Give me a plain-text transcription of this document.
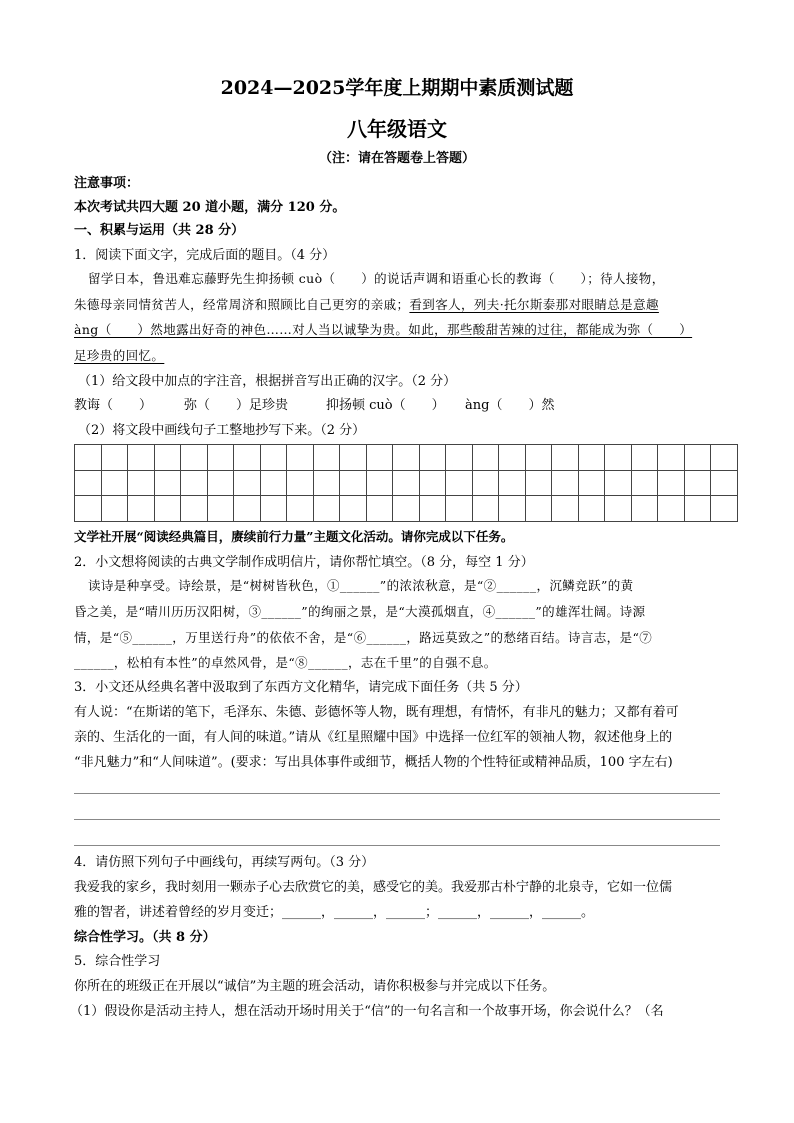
2024—2025学年度上期期中素质测试题
八年级语文
（注：请在答题卷上答题）
注意事项：
本次考试共四大题 20 道小题，满分 120 分。
一、积累与运用（共 28 分）
1．阅读下面文字，完成后面的题目。（4 分）
留学日本，鲁迅难忘藤野先生抑扬顿 cuò（　　）的说话声调和语重心长的教诲（　　）；待人接物，
朱德母亲同情贫苦人，经常周济和照顾比自己更穷的亲戚；看到客人，列夫·托尔斯泰那对眼睛总是意趣
àng（　　）然地露出好奇的神色……对人当以诚挚为贵。如此，那些酸甜苦辣的过往，都能成为弥（　　）
足珍贵的回忆。
（1）给文段中加点的字注音，根据拼音写出正确的汉字。（2 分）
教诲（　　） 弥（　　）足珍贵	抑扬顿 cuò（　　） àng（　　）然
（2）将文段中画线句子工整地抄写下来。（2 分）

文学社开展“阅读经典篇目，赓续前行力量”主题文化活动。请你完成以下任务。
2．小文想将阅读的古典文学制作成明信片，请你帮忙填空。（8 分，每空 1 分）
读诗是种享受。诗绘景，是“树树皆秋色，①______”的浓浓秋意，是“②______，沉鳞竞跃”的黄
昏之美，是“晴川历历汉阳树，③______”的绚丽之景，是“大漠孤烟直，④______”的雄浑壮阔。诗源
情，是“⑤______，万里送行舟”的依依不舍，是“⑥______，路远莫致之”的愁绪百结。诗言志，是“⑦
______，松柏有本性”的卓然风骨，是“⑧______，志在千里”的自强不息。
3．小文还从经典名著中汲取到了东西方文化精华，请完成下面任务（共 5 分）
有人说：“在斯诺的笔下，毛泽东、朱德、彭德怀等人物，既有理想，有情怀，有非凡的魅力；又都有着可
亲的、生活化的一面，有人间的味道。”请从《红星照耀中国》中选择一位红军的领袖人物，叙述他身上的
“非凡魅力”和“人间味道”。(要求：写出具体事件或细节，概括人物的个性特征或精神品质，100 字左右)
4．请仿照下列句子中画线句，再续写两句。（3 分）
我爱我的家乡，我时刻用一颗赤子心去欣赏它的美，感受它的美。我爱那古朴宁静的北泉寺，它如一位儒
雅的智者，讲述着曾经的岁月变迁；______，______，______；______，______，______。
综合性学习。（共 8 分）
5．综合性学习
你所在的班级正在开展以“诚信”为主题的班会活动，请你积极参与并完成以下任务。
（1）假设你是活动主持人，想在活动开场时用关于“信”的一句名言和一个故事开场，你会说什么？（名
